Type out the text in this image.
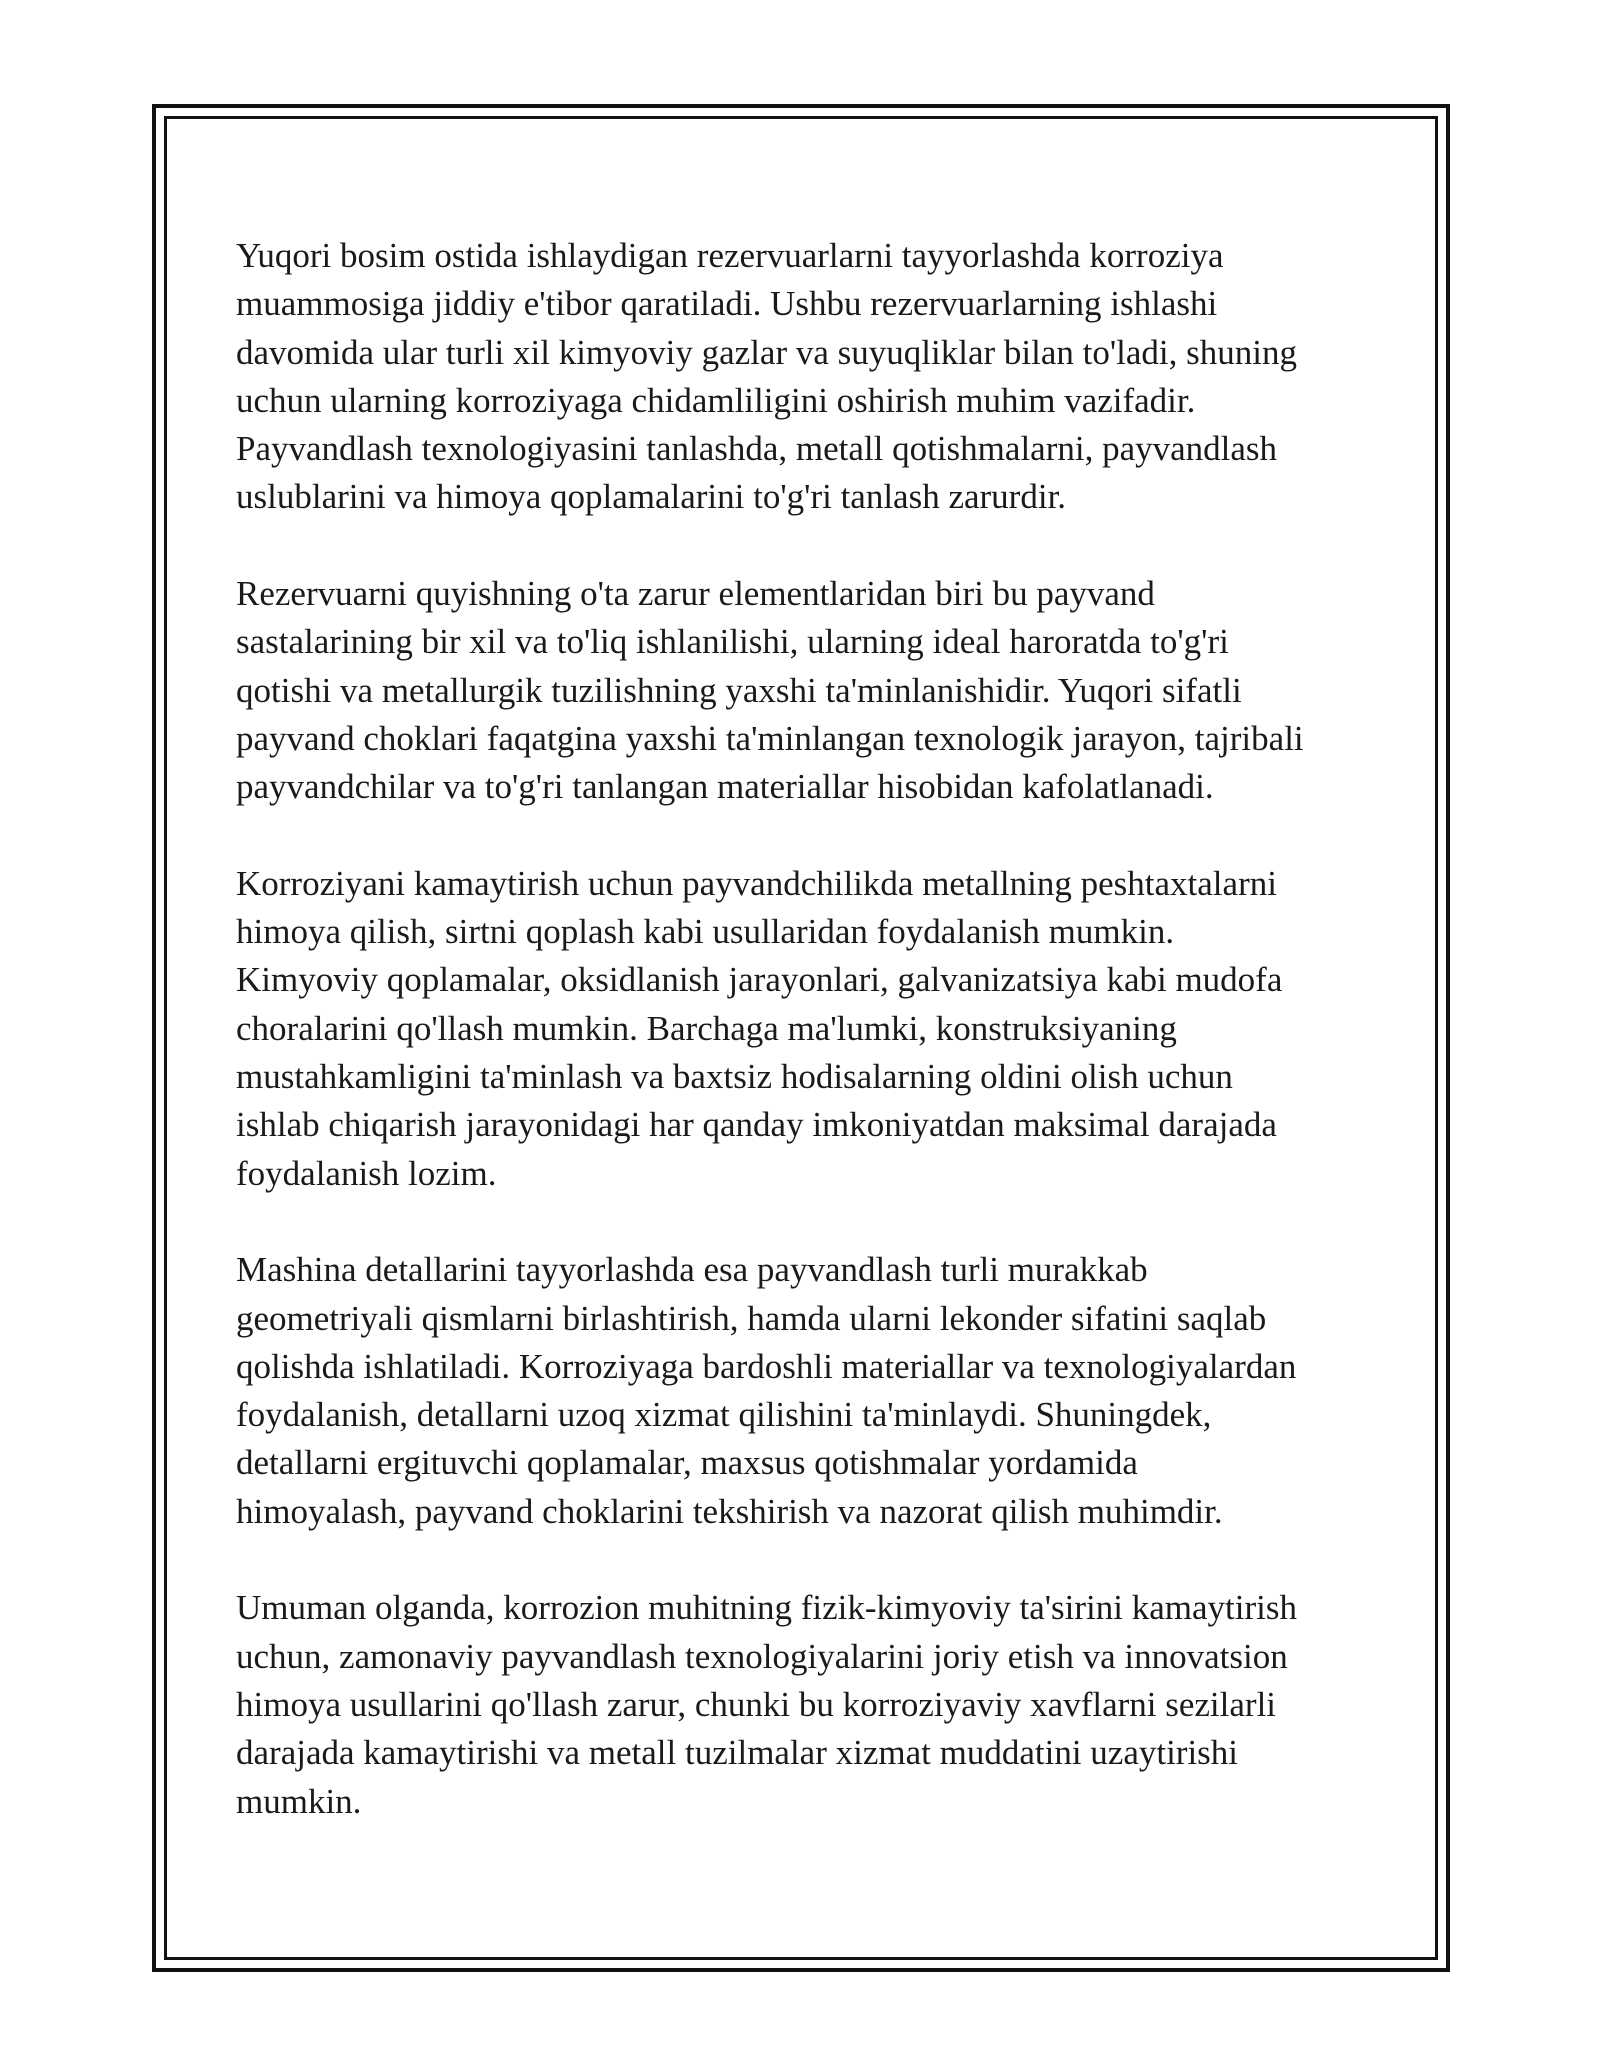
Yuqori bosim ostida ishlaydigan rezervuarlarni tayyorlashda korroziya
muammosiga jiddiy e'tibor qaratiladi. Ushbu rezervuarlarning ishlashi
davomida ular turli xil kimyoviy gazlar va suyuqliklar bilan to'ladi, shuning
uchun ularning korroziyaga chidamliligini oshirish muhim vazifadir.
Payvandlash texnologiyasini tanlashda, metall qotishmalarni, payvandlash
uslublarini va himoya qoplamalarini to'g'ri tanlash zarurdir.

Rezervuarni quyishning o'ta zarur elementlaridan biri bu payvand
sastalarining bir xil va to'liq ishlanilishi, ularning ideal haroratda to'g'ri
qotishi va metallurgik tuzilishning yaxshi ta'minlanishidir. Yuqori sifatli
payvand choklari faqatgina yaxshi ta'minlangan texnologik jarayon, tajribali
payvandchilar va to'g'ri tanlangan materiallar hisobidan kafolatlanadi.

Korroziyani kamaytirish uchun payvandchilikda metallning peshtaxtalarni
himoya qilish, sirtni qoplash kabi usullaridan foydalanish mumkin.
Kimyoviy qoplamalar, oksidlanish jarayonlari, galvanizatsiya kabi mudofa
choralarini qo'llash mumkin. Barchaga ma'lumki, konstruksiyaning
mustahkamligini ta'minlash va baxtsiz hodisalarning oldini olish uchun
ishlab chiqarish jarayonidagi har qanday imkoniyatdan maksimal darajada
foydalanish lozim.

Mashina detallarini tayyorlashda esa payvandlash turli murakkab
geometriyali qismlarni birlashtirish, hamda ularni lekonder sifatini saqlab
qolishda ishlatiladi. Korroziyaga bardoshli materiallar va texnologiyalardan
foydalanish, detallarni uzoq xizmat qilishini ta'minlaydi. Shuningdek,
detallarni ergituvchi qoplamalar, maxsus qotishmalar yordamida
himoyalash, payvand choklarini tekshirish va nazorat qilish muhimdir.

Umuman olganda, korrozion muhitning fizik-kimyoviy ta'sirini kamaytirish
uchun, zamonaviy payvandlash texnologiyalarini joriy etish va innovatsion
himoya usullarini qo'llash zarur, chunki bu korroziyaviy xavflarni sezilarli
darajada kamaytirishi va metall tuzilmalar xizmat muddatini uzaytirishi
mumkin.
